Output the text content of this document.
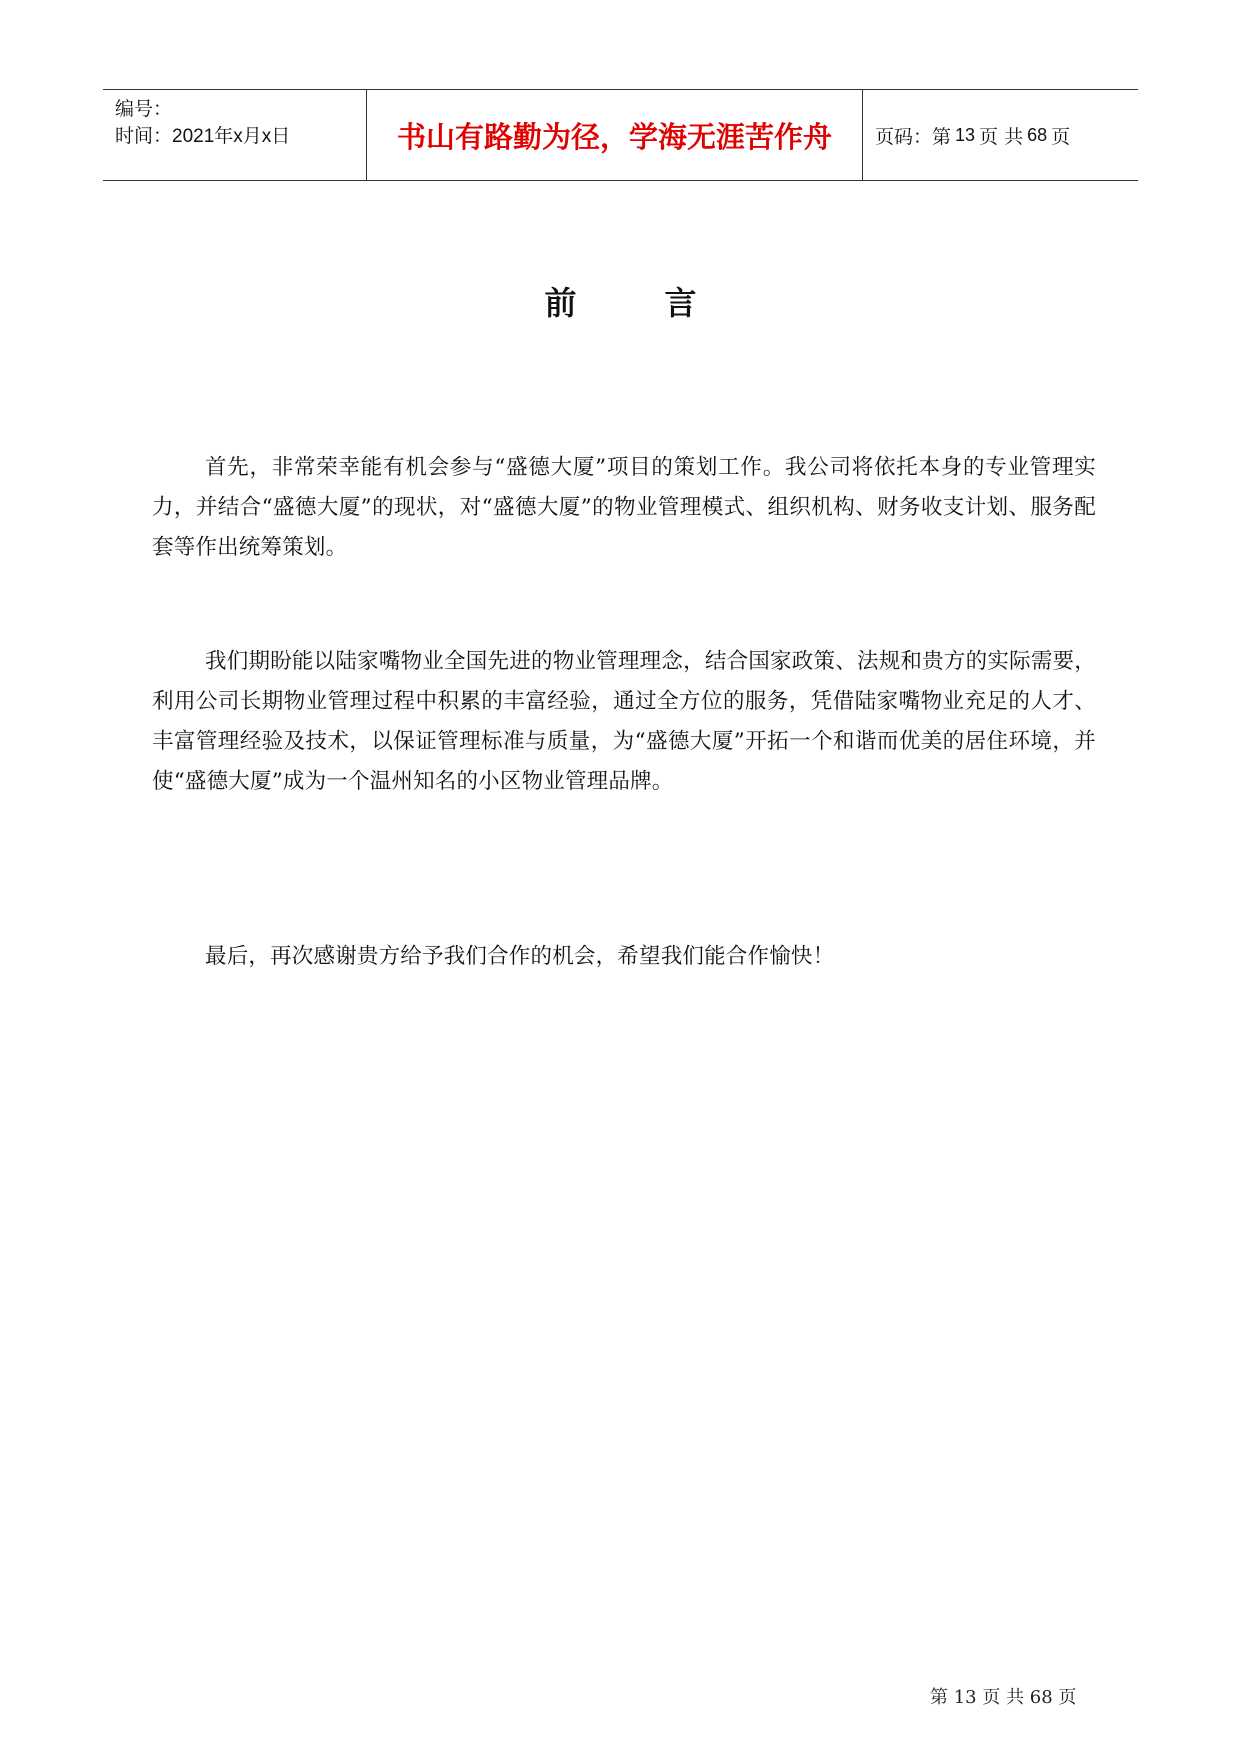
编号：
时间：2021年x月x日	书山有路勤为径，学海无涯苦作舟 页码：第 13 页 共 68 页
前	言

首先，非常荣幸能有机会参与“盛德大厦”项目的策划工作。我公司将依托本身的专业管理实力，并结合“盛德大厦”的现状，对“盛德大厦”的物业管理模式、组织机构、财务收支计划、服务配套等作出统筹策划。

我们期盼能以陆家嘴物业全国先进的物业管理理念，结合国家政策、法规和贵方的实际需要，利用公司长期物业管理过程中积累的丰富经验，通过全方位的服务，凭借陆家嘴物业充足的人才、丰富管理经验及技术，以保证管理标准与质量，为“盛德大厦”开拓一个和谐而优美的居住环境，并使“盛德大厦”成为一个温州知名的小区物业管理品牌。

最后，再次感谢贵方给予我们合作的机会，希望我们能合作愉快！

第 13 页 共 68 页
